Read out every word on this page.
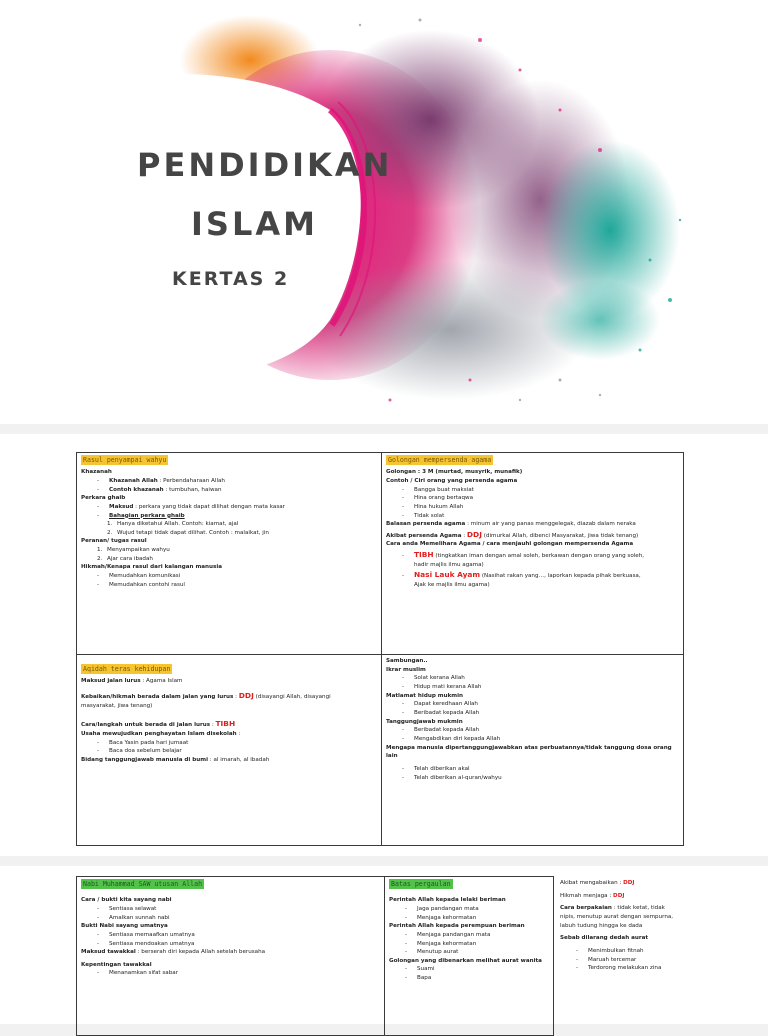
PENDIDIKAN
ISLAM
KERTAS 2
Rasul penyampai wahyu
Khazanah
- Khazanah Allah : Perbendaharaan Allah
- Contoh khazanah : tumbuhan, haiwan
Perkara ghaib
- Maksud : perkara yang tidak dapat dilihat dengan mata kasar
- Bahagian perkara ghaib
1. Hanya diketahui Allah. Contoh: kiamat, ajal
2. Wujud tetapi tidak dapat dilihat. Contoh : malaikat, jin
Peranan/ tugas rasul
1. Menyampaikan wahyu
2. Ajar cara ibadah
Hikmah/Kenapa rasul dari kalangan manusia
- Memudahkan komunikasi
- Memudahkan contohi rasul
Golongan mempersenda agama
Golongan : 3 M (murtad, musyrik, munafik)
Contoh / Ciri orang yang persenda agama
- Bangga buat maksiat
- Hina orang bertaqwa
- Hina hukum Allah
- Tidak solat
Balasan persenda agama : minum air yang panas menggelegak, diazab dalam neraka
Akibat persenda Agama : DDJ (dimurkai Allah, dibenci Masyarakat, jiwa tidak tenang)
Cara anda Memelihara Agama / cara menjauhi golongan mempersenda Agama
- TIBH (tingkatkan iman dengan amal soleh, berkawan dengan orang yang soleh,
hadir majlis ilmu agama)
- Nasi Lauk Ayam (Nasihat rakan yang…, laporkan kepada pihak berkuasa,
Ajak ke majlis ilmu agama)
Aqidah teras kehidupan
Maksud jalan lurus : Agama Islam
Kebaikan/hikmah berada dalam jalan yang lurus : DDJ (disayangi Allah, disayangi
masyarakat, jiwa tenang)
Cara/langkah untuk berada di jalan lurus : TIBH
Usaha mewujudkan penghayatan Islam disekolah :
- Baca Yasin pada hari jumaat
- Baca doa sebelum belajar
Bidang tanggungjawab manusia di bumi : al imarah, al ibadah
Sambungan..
Ikrar muslim
- Solat kerana Allah
- Hidup mati kerana Allah
Matlamat hidup mukmin
- Dapat keredhaan Allah
- Beribadat kepada Allah
Tanggungjawab mukmin
- Beribadat kepada Allah
- Mengabdikan diri kepada Allah
Mengapa manusia dipertanggungjawabkan atas perbuatannya/tidak tanggung dosa orang
lain
- Telah diberikan akal
- Telah diberikan al-quran/wahyu
Nabi Muhammad SAW utusan Allah
Cara / bukti kita sayang nabi
- Sentiasa selawat
- Amalkan sunnah nabi
Bukti Nabi sayang umatnya
- Sentiasa memaafkan umatnya
- Sentiasa mendoakan umatnya
Maksud tawakkal : berserah diri kepada Allah setelah berusaha
Kepentingan tawakkal
- Menanamkan sifat sabar
Batas pergaulan
Perintah Allah kepada lelaki beriman
- Jaga pandangan mata
- Menjaga kehormatan
Perintah Allah kepada perempuan beriman
- Menjaga pandangan mata
- Menjaga kehormatan
- Menutup aurat
Golongan yang dibenarkan melihat aurat wanita
- Suami
- Bapa
Akibat mengabaikan : DDJ
Hikmah menjaga : DDJ
Cara berpakaian : tidak ketat, tidak
nipis, menutup aurat dengan sempurna,
labuh tudung hingga ke dada
Sebab dilarang dedah aurat
- Menimbulkan fitnah
- Maruah tercemar
- Terdorong melakukan zina
